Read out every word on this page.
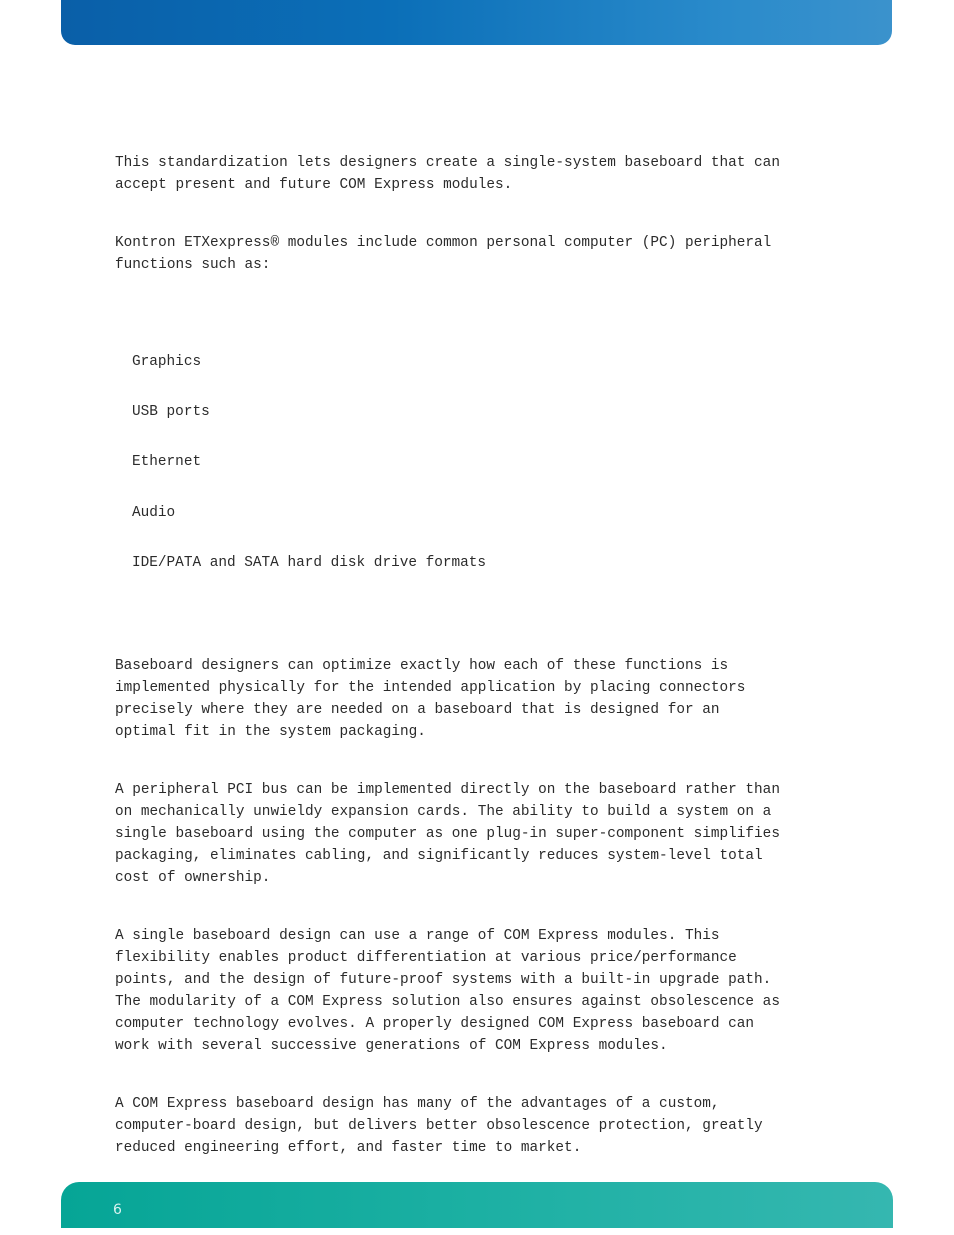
This standardization lets designers create a single-system baseboard that can
accept present and future COM Express modules.

Kontron ETXexpress® modules include common personal computer (PC) peripheral
functions such as:

Graphics

USB ports

Ethernet

Audio

IDE/PATA and SATA hard disk drive formats

Baseboard designers can optimize exactly how each of these functions is
implemented physically for the intended application by placing connectors
precisely where they are needed on a baseboard that is designed for an
optimal fit in the system packaging.

A peripheral PCI bus can be implemented directly on the baseboard rather than
on mechanically unwieldy expansion cards. The ability to build a system on a
single baseboard using the computer as one plug-in super-component simplifies
packaging, eliminates cabling, and significantly reduces system-level total
cost of ownership.

A single baseboard design can use a range of COM Express modules. This
flexibility enables product differentiation at various price/performance
points, and the design of future-proof systems with a built-in upgrade path.
The modularity of a COM Express solution also ensures against obsolescence as
computer technology evolves. A properly designed COM Express baseboard can
work with several successive generations of COM Express modules.

A COM Express baseboard design has many of the advantages of a custom,
computer-board design, but delivers better obsolescence protection, greatly
reduced engineering effort, and faster time to market.

6
